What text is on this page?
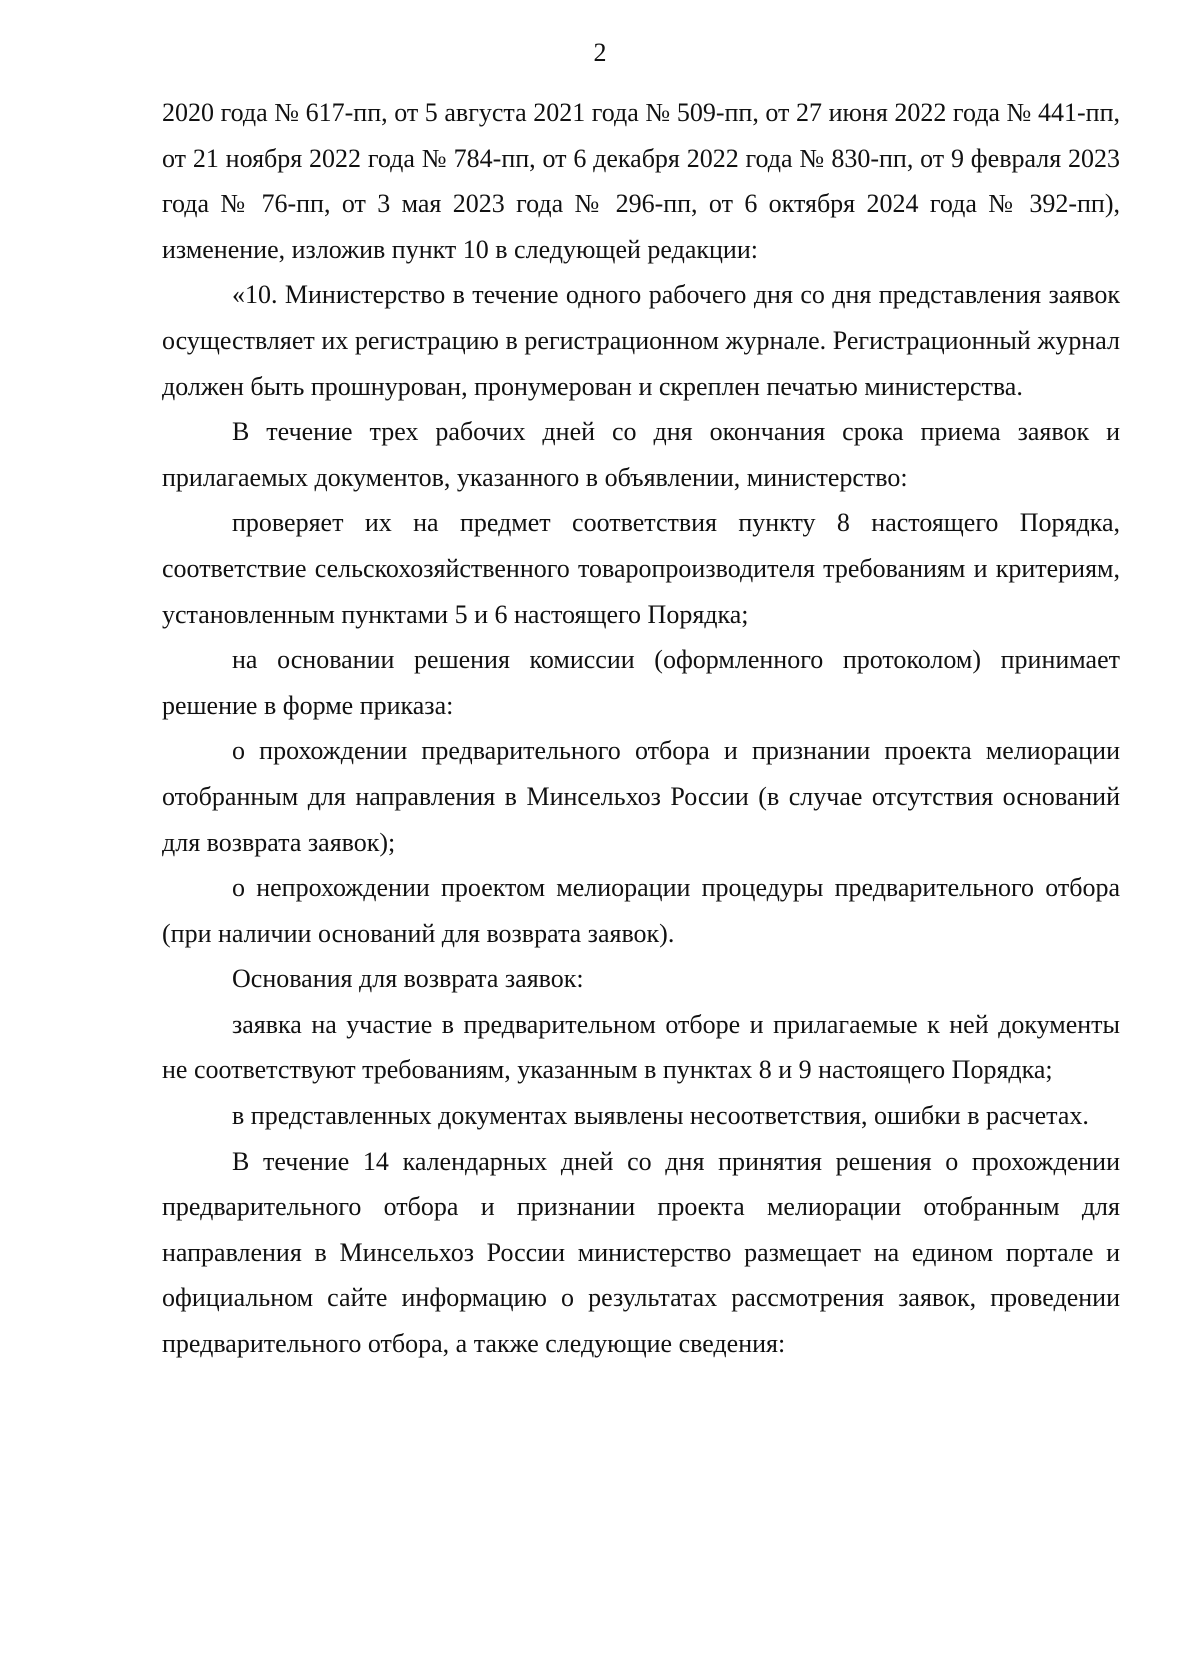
2

2020 года № 617-пп, от 5 августа 2021 года № 509-пп, от 27 июня 2022 года № 441-пп, от 21 ноября 2022 года № 784-пп, от 6 декабря 2022 года № 830-пп, от 9 февраля 2023 года № 76-пп, от 3 мая 2023 года № 296-пп, от 6 октября 2024 года № 392-пп), изменение, изложив пункт 10 в следующей редакции:

«10. Министерство в течение одного рабочего дня со дня представления заявок осуществляет их регистрацию в регистрационном журнале. Регистрационный журнал должен быть прошнурован, пронумерован и скреплен печатью министерства.

В течение трех рабочих дней со дня окончания срока приема заявок и прилагаемых документов, указанного в объявлении, министерство:

проверяет их на предмет соответствия пункту 8 настоящего Порядка, соответствие сельскохозяйственного товаропроизводителя требованиям и критериям, установленным пунктами 5 и 6 настоящего Порядка;

на основании решения комиссии (оформленного протоколом) принимает решение в форме приказа:

о прохождении предварительного отбора и признании проекта мелиорации отобранным для направления в Минсельхоз России (в случае отсутствия оснований для возврата заявок);

о непрохождении проектом мелиорации процедуры предварительного отбора (при наличии оснований для возврата заявок).

Основания для возврата заявок:

заявка на участие в предварительном отборе и прилагаемые к ней документы не соответствуют требованиям, указанным в пунктах 8 и 9 настоящего Порядка;

в представленных документах выявлены несоответствия, ошибки в расчетах.

В течение 14 календарных дней со дня принятия решения о прохождении предварительного отбора и признании проекта мелиорации отобранным для направления в Минсельхоз России министерство размещает на едином портале и официальном сайте информацию о результатах рассмотрения заявок, проведении предварительного отбора, а также следующие сведения:
